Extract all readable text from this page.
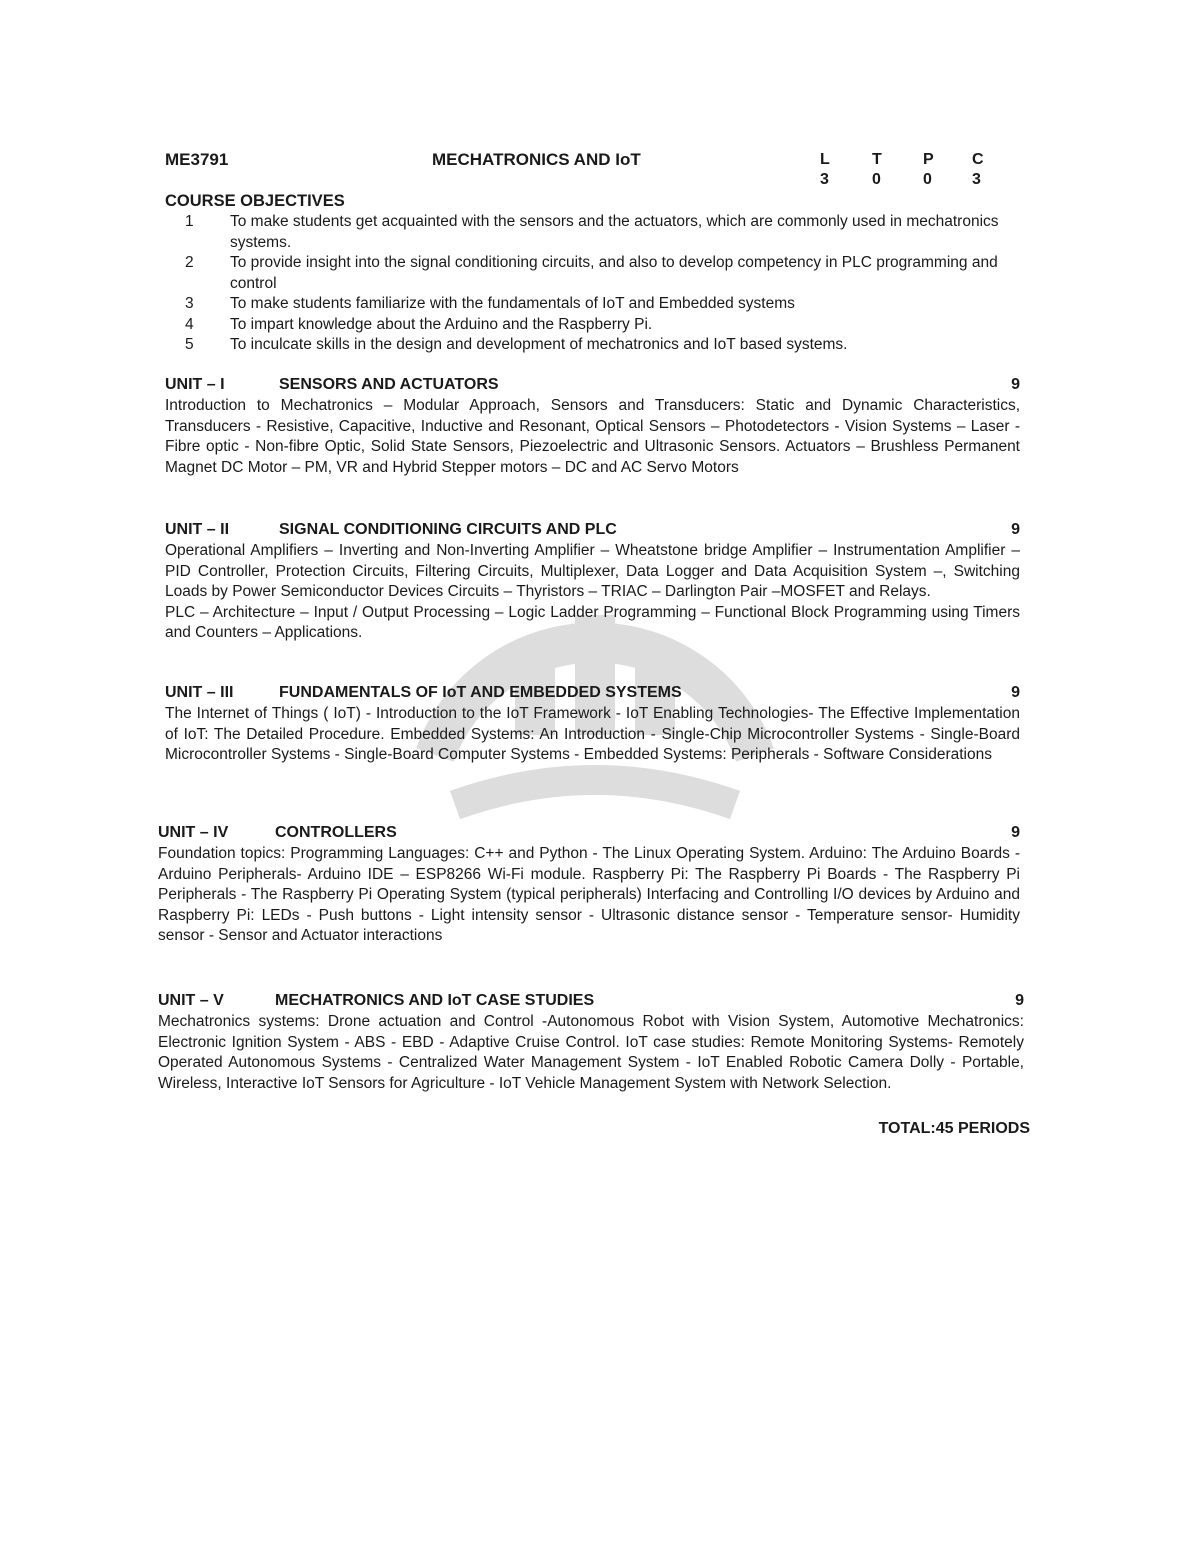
ME3791	MECHATRONICS AND IoT	L	T	P	C
3	0	0	3
COURSE OBJECTIVES
1 To make students get acquainted with the sensors and the actuators, which are commonly used in mechatronics systems.
2 To provide insight into the signal conditioning circuits, and also to develop competency in PLC programming and control
3 To make students familiarize with the fundamentals of IoT and Embedded systems
4 To impart knowledge about the Arduino and the Raspberry Pi.
5 To inculcate skills in the design and development of mechatronics and IoT based systems.
UNIT – I	SENSORS AND ACTUATORS	9
Introduction to Mechatronics – Modular Approach, Sensors and Transducers: Static and Dynamic Characteristics, Transducers - Resistive, Capacitive, Inductive and Resonant, Optical Sensors – Photodetectors - Vision Systems – Laser - Fibre optic - Non-fibre Optic, Solid State Sensors, Piezoelectric and Ultrasonic Sensors. Actuators – Brushless Permanent Magnet DC Motor – PM, VR and Hybrid Stepper motors – DC and AC Servo Motors
UNIT – II	SIGNAL CONDITIONING CIRCUITS AND PLC	9
Operational Amplifiers – Inverting and Non-Inverting Amplifier – Wheatstone bridge Amplifier – Instrumentation Amplifier – PID Controller, Protection Circuits, Filtering Circuits, Multiplexer, Data Logger and Data Acquisition System –, Switching Loads by Power Semiconductor Devices Circuits – Thyristors – TRIAC – Darlington Pair –MOSFET and Relays.
PLC – Architecture – Input / Output Processing – Logic Ladder Programming – Functional Block Programming using Timers and Counters – Applications.
UNIT – III	FUNDAMENTALS OF IoT AND EMBEDDED SYSTEMS	9
The Internet of Things ( IoT) - Introduction to the IoT Framework - IoT Enabling Technologies- The Effective Implementation of IoT: The Detailed Procedure. Embedded Systems: An Introduction - Single-Chip Microcontroller Systems - Single-Board Microcontroller Systems - Single-Board Computer Systems - Embedded Systems: Peripherals - Software Considerations
UNIT – IV	CONTROLLERS	9
Foundation topics: Programming Languages: C++ and Python - The Linux Operating System. Arduino: The Arduino Boards - Arduino Peripherals- Arduino IDE – ESP8266 Wi-Fi module. Raspberry Pi: The Raspberry Pi Boards - The Raspberry Pi Peripherals - The Raspberry Pi Operating System (typical peripherals) Interfacing and Controlling I/O devices by Arduino and Raspberry Pi: LEDs - Push buttons - Light intensity sensor - Ultrasonic distance sensor - Temperature sensor- Humidity sensor - Sensor and Actuator interactions
UNIT – V	MECHATRONICS AND IoT CASE STUDIES	9
Mechatronics systems: Drone actuation and Control -Autonomous Robot with Vision System, Automotive Mechatronics: Electronic Ignition System - ABS - EBD - Adaptive Cruise Control. IoT case studies: Remote Monitoring Systems- Remotely Operated Autonomous Systems - Centralized Water Management System - IoT Enabled Robotic Camera Dolly - Portable, Wireless, Interactive IoT Sensors for Agriculture - IoT Vehicle Management System with Network Selection.
TOTAL:45 PERIODS
